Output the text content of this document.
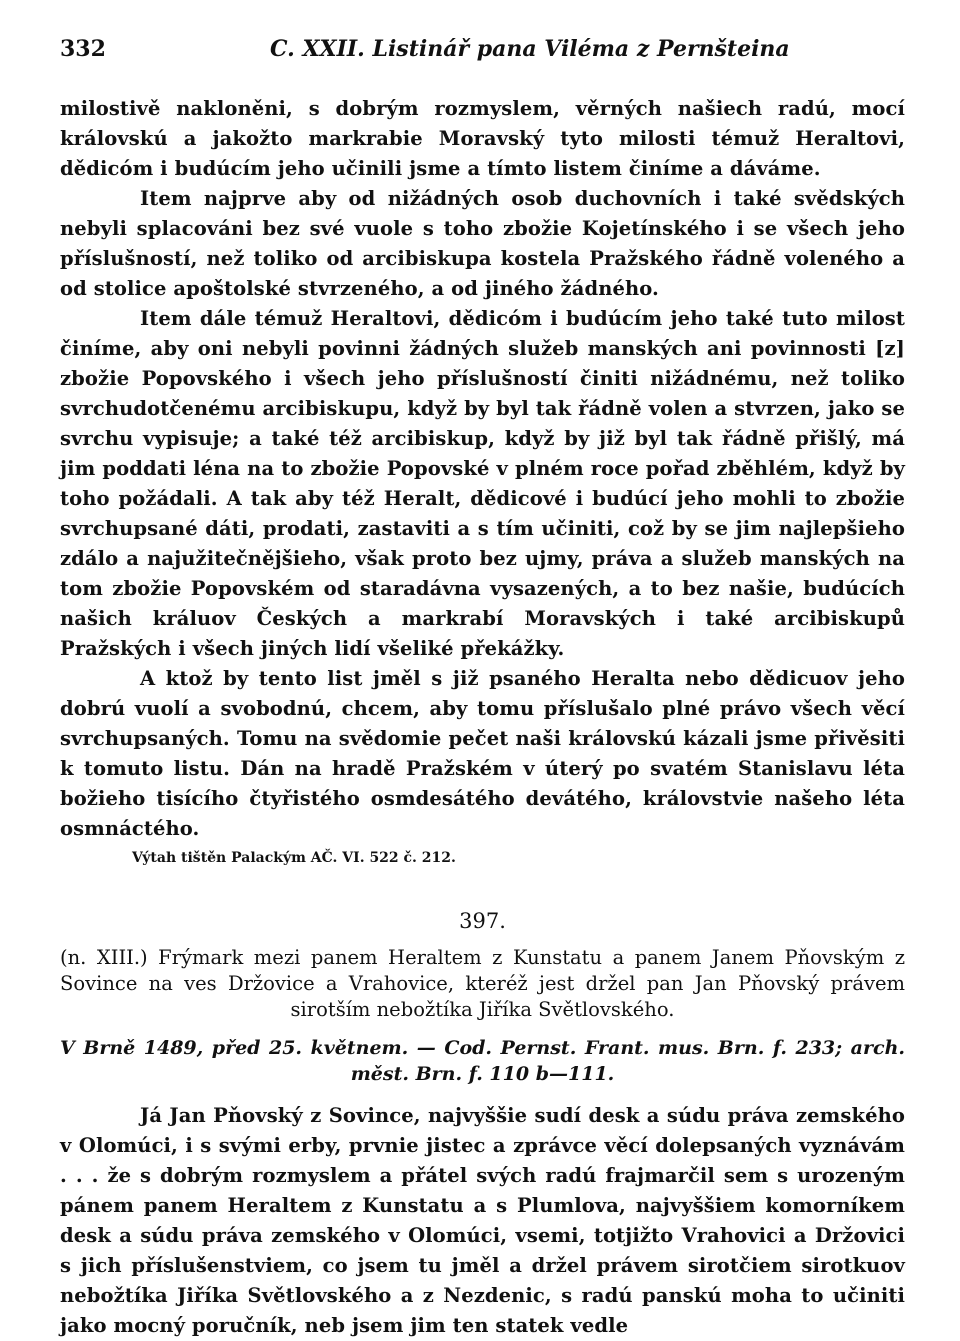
332	C. XXII. Listinář pana Viléma z Pernšteina

milostivě nakloněni, s dobrým rozmyslem, věrných našiech radú, mocí královskú a jakožto markrabie Moravský tyto milosti témuž Heraltovi, dědicóm i budúcím jeho učinili jsme a tímto listem činíme a dáváme.

Item najprve aby od nižádných osob duchovních i také svědských nebyli splacováni bez své vuole s toho zbožie Kojetínského i se všech jeho příslušností, než toliko od arcibiskupa kostela Pražského řádně voleného a od stolice apoštolské stvrzeného, a od jiného žádného.

Item dále témuž Heraltovi, dědicóm i budúcím jeho také tuto milost činíme, aby oni nebyli povinni žádných služeb manských ani povinnosti [z] zbožie Popovského i všech jeho příslušností činiti nižádnému, než toliko svrchudotčenému arcibiskupu, když by byl tak řádně volen a stvrzen, jako se svrchu vypisuje; a také též arcibiskup, když by již byl tak řádně přišlý, má jim poddati léna na to zbožie Popovské v plném roce pořad zběhlém, když by toho požádali. A tak aby též Heralt, dědicové i budúcí jeho mohli to zbožie svrchupsané dáti, prodati, zastaviti a s tím učiniti, což by se jim najlepšieho zdálo a najužitečnějšieho, však proto bez ujmy, práva a služeb manských na tom zbožie Popovském od staradávna vysazených, a to bez našie, budúcích našich králuov Českých a markrabí Moravských i také arcibiskupů Pražských i všech jiných lidí všeliké překážky.

A ktož by tento list jměl s již psaného Heralta nebo dědicuov jeho dobrú vuolí a svobodnú, chcem, aby tomu příslušalo plné právo všech věcí svrchupsaných. Tomu na svědomie pečet naši královskú kázali jsme přivěsiti k tomuto listu. Dán na hradě Pražském v úterý po svatém Stanislavu léta božieho tisícího čtyřistého osmdesátého devátého, královstvie našeho léta osmnáctého.

Výtah tištěn Palackým AČ. VI. 522 č. 212.
397.
(n. XIII.) Frýmark mezi panem Heraltem z Kunstatu a panem Janem Pňovským z Sovince na ves Držovice a Vrahovice, kteréž jest držel pan Jan Pňovský právem sirotším nebožtíka Jiříka Světlovského.
V Brně 1489, před 25. květnem. — Cod. Pernst. Frant. mus. Brn. f. 233; arch. měst. Brn. f. 110 b—111.

Já Jan Pňovský z Sovince, najvyššie sudí desk a súdu práva zemského v Olomúci, i s svými erby, prvnie jistec a zprávce věcí dolepsaných vyznávám . . . že s dobrým rozmyslem a přátel svých radú frajmarčil sem s urozeným pánem panem Heraltem z Kunstatu a s Plumlova, najvyššiem komorníkem desk a súdu práva zemského v Olomúci, vsemi, totjižto Vrahovici a Držovici s jich příslušenstviem, co jsem tu jměl a držel právem sirotčiem sirotkuov nebožtíka Jiříka Světlovského a z Nezdenic, s radú panskú moha to učiniti jako mocný poručník, neb jsem jim ten statek vedle
